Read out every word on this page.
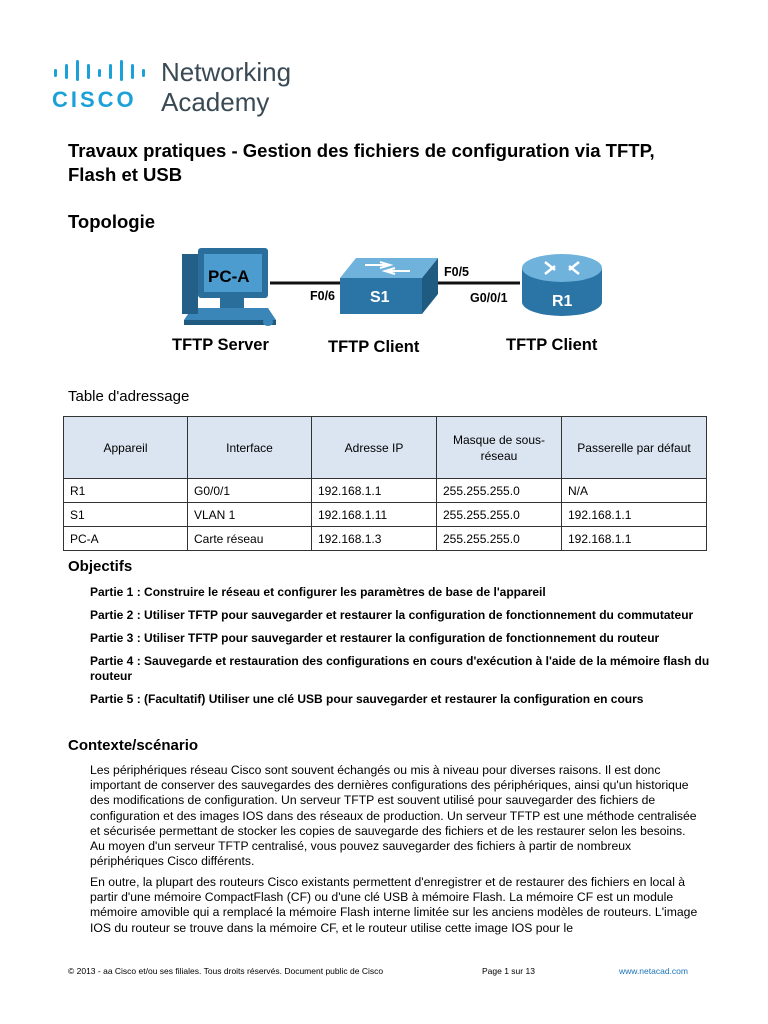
CISCO
Networking
Academy
Travaux pratiques - Gestion des fichiers de configuration via TFTP, Flash et USB
Topologie
PC-A
S1	R1
F0/6
F0/5
G0/0/1
TFTP Server	TFTP Client	TFTP Client
Table d'adressage
Appareil	Interface	Adresse IP	Masque de sous-réseau	Passerelle par défaut
R1	G0/0/1	192.168.1.1	255.255.255.0	N/A
S1	VLAN 1	192.168.1.11	255.255.255.0	192.168.1.1
PC-A	Carte réseau	192.168.1.3	255.255.255.0	192.168.1.1
Objectifs
Partie 1 : Construire le réseau et configurer les paramètres de base de l'appareil
Partie 2 : Utiliser TFTP pour sauvegarder et restaurer la configuration de fonctionnement du commutateur
Partie 3 : Utiliser TFTP pour sauvegarder et restaurer la configuration de fonctionnement du routeur
Partie 4 : Sauvegarde et restauration des configurations en cours d'exécution à l'aide de la mémoire flash du routeur
Partie 5 : (Facultatif) Utiliser une clé USB pour sauvegarder et restaurer la configuration en cours
Contexte/scénario

Les périphériques réseau Cisco sont souvent échangés ou mis à niveau pour diverses raisons. Il est donc important de conserver des sauvegardes des dernières configurations des périphériques, ainsi qu'un historique des modifications de configuration. Un serveur TFTP est souvent utilisé pour sauvegarder des fichiers de configuration et des images IOS dans des réseaux de production. Un serveur TFTP est une méthode centralisée et sécurisée permettant de stocker les copies de sauvegarde des fichiers et de les restaurer selon les besoins. Au moyen d'un serveur TFTP centralisé, vous pouvez sauvegarder des fichiers à partir de nombreux périphériques Cisco différents.

En outre, la plupart des routeurs Cisco existants permettent d'enregistrer et de restaurer des fichiers en local à partir d'une mémoire CompactFlash (CF) ou d'une clé USB à mémoire Flash. La mémoire CF est un module mémoire amovible qui a remplacé la mémoire Flash interne limitée sur les anciens modèles de routeurs. L'image IOS du routeur se trouve dans la mémoire CF, et le routeur utilise cette image IOS pour le

© 2013 - aa Cisco et/ou ses filiales. Tous droits réservés. Document public de Cisco	Page 1 sur 13	www.netacad.com
